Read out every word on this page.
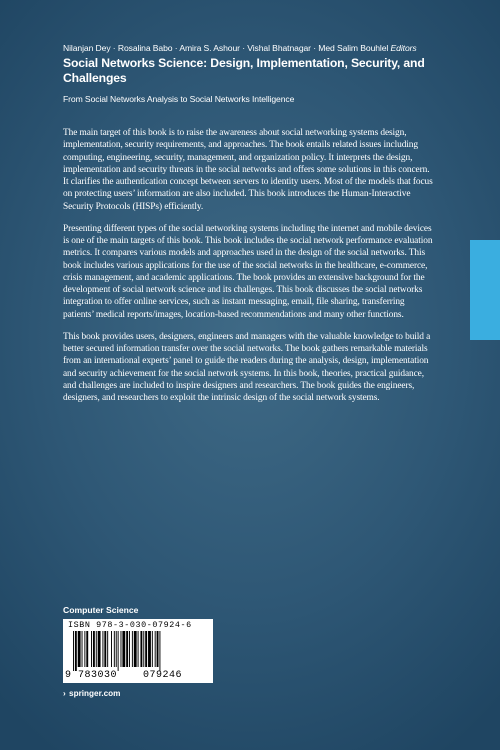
Nilanjan Dey · Rosalina Babo · Amira S. Ashour · Vishal Bhatnagar · Med Salim Bouhlel Editors
Social Networks Science: Design, Implementation, Security, and Challenges
From Social Networks Analysis to Social Networks Intelligence

The main target of this book is to raise the awareness about social networking systems design, implementation, security requirements, and approaches. The book entails related issues including computing, engineering, security, management, and organization policy. It interprets the design, implementation and security threats in the social networks and offers some solutions in this concern. It clarifies the authentication concept between servers to identity users. Most of the models that focus on protecting users’ information are also included. This book introduces the Human-Interactive Security Protocols (HISPs) efficiently.

Presenting different types of the social networking systems including the internet and mobile devices is one of the main targets of this book. This book includes the social network performance evaluation metrics. It compares various models and approaches used in the design of the social networks. This book includes various applications for the use of the social networks in the healthcare, e-commerce, crisis management, and academic applications. The book provides an extensive background for the development of social network science and its challenges. This book discusses the social networks integration to offer online services, such as instant messaging, email, file sharing, transferring patients’ medical reports/images, location-based recommendations and many other functions.

This book provides users, designers, engineers and managers with the valuable knowledge to build a better secured information transfer over the social networks. The book gathers remarkable materials from an international experts’ panel to guide the readers during the analysis, design, implementation and security achievement for the social network systems. In this book, theories, practical guidance, and challenges are included to inspire designers and researchers. The book guides the engineers, designers, and researchers to exploit the intrinsic design of the social network systems.

Computer Science
ISBN 978-3-030-07924-6
9 783030	079246
› springer.com
